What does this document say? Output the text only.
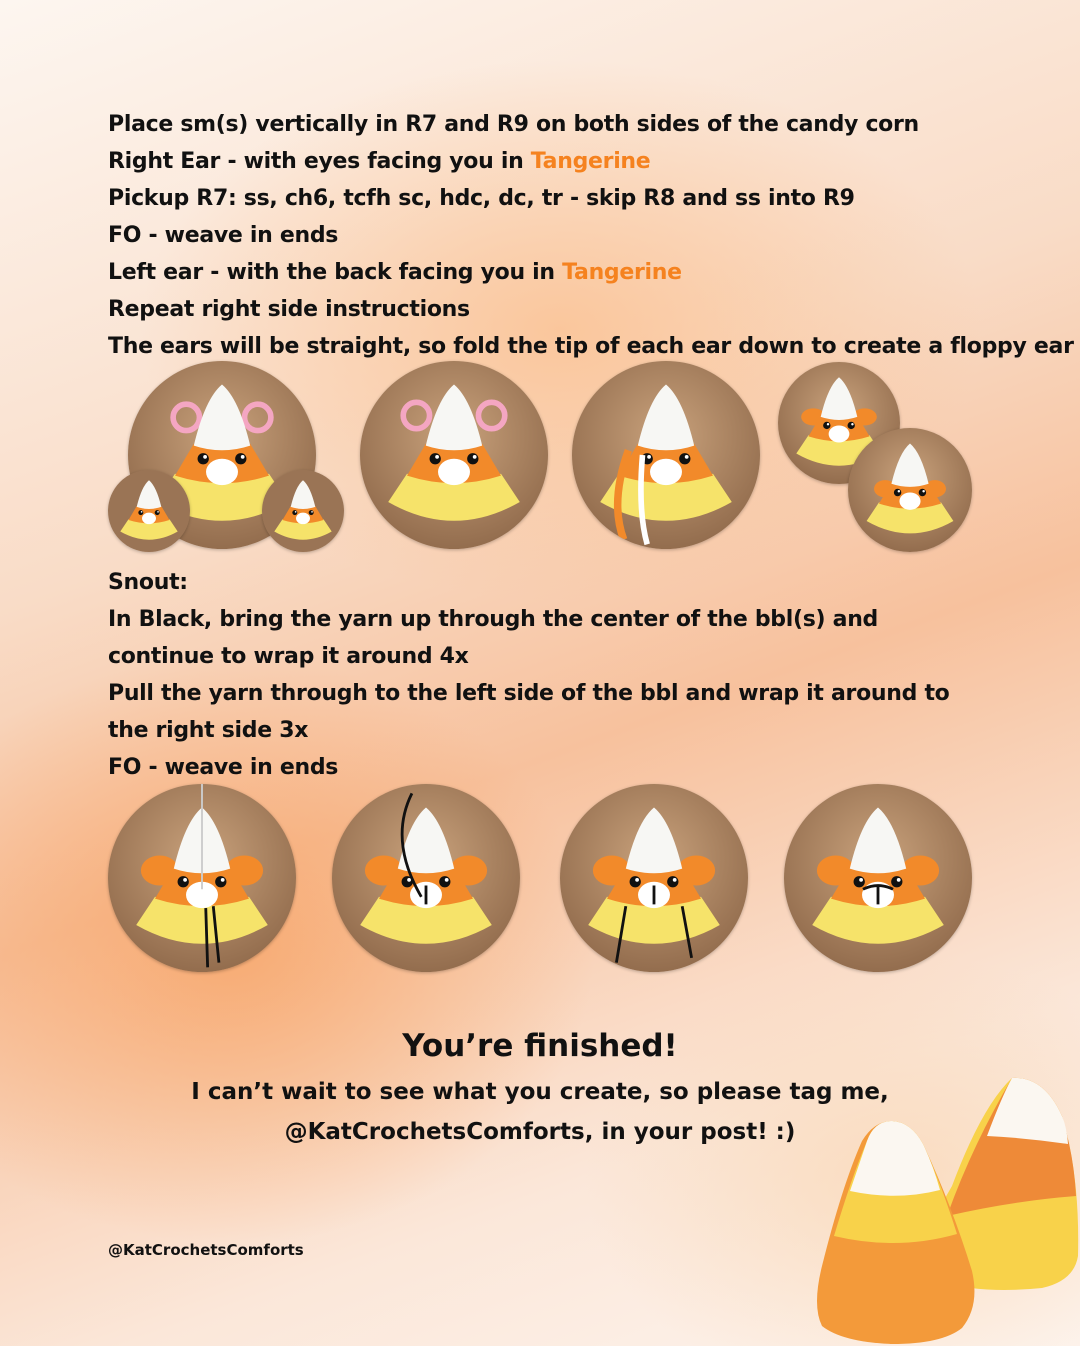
Place sm(s) vertically in R7 and R9 on both sides of the candy corn

Right Ear - with eyes facing you in Tangerine

Pickup R7: ss, ch6, tcfh sc, hdc, dc, tr - skip R8 and ss into R9

FO - weave in ends

Left ear - with the back facing you in Tangerine

Repeat right side instructions

The ears will be straight, so fold the tip of each ear down to create a floppy ear

Snout:

In Black, bring the yarn up through the center of the bbl(s) and continue to wrap it around 4x

Pull the yarn through to the left side of the bbl and wrap it around to the right side 3x

FO - weave in ends

You’re finished!

I can’t wait to see what you create, so please tag me,
@KatCrochetsComforts, in your post! :)

@KatCrochetsComforts
